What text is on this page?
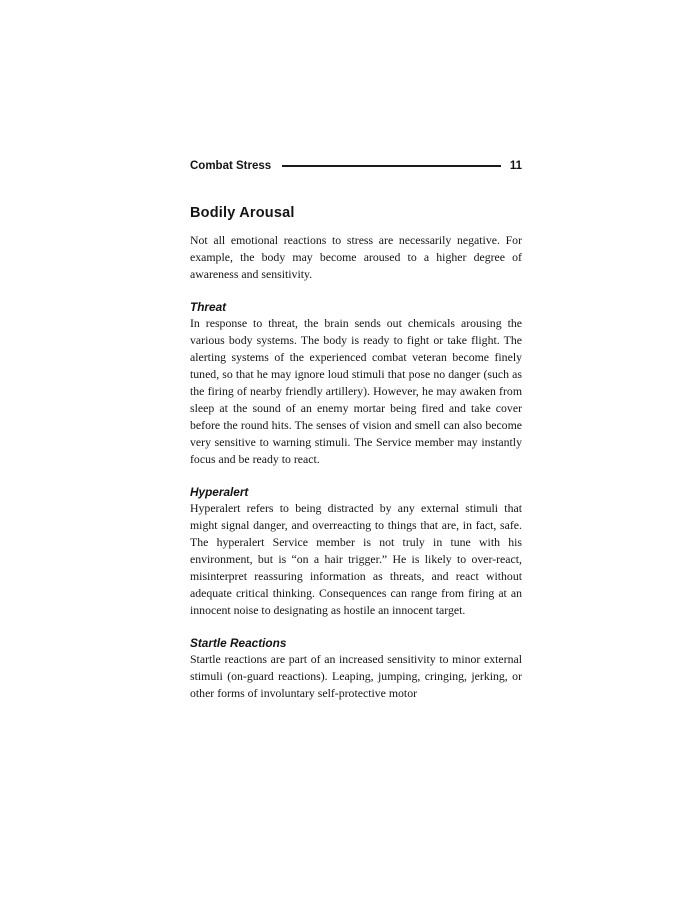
Combat Stress	11
Bodily Arousal

Not all emotional reactions to stress are necessarily negative. For example, the body may become aroused to a higher degree of awareness and sensitivity.

Threat

In response to threat, the brain sends out chemicals arousing the various body systems. The body is ready to fight or take flight. The alerting systems of the experienced combat veteran become finely tuned, so that he may ignore loud stimuli that pose no danger (such as the firing of nearby friendly artillery). However, he may awaken from sleep at the sound of an enemy mortar being fired and take cover before the round hits. The senses of vision and smell can also become very sensitive to warning stimuli. The Service member may instantly focus and be ready to react.

Hyperalert

Hyperalert refers to being distracted by any external stimuli that might signal danger, and overreacting to things that are, in fact, safe. The hyperalert Service member is not truly in tune with his environment, but is “on a hair trigger.” He is likely to over-react, misinterpret reassuring information as threats, and react without adequate critical thinking. Consequences can range from firing at an innocent noise to designating as hostile an innocent target.

Startle Reactions

Startle reactions are part of an increased sensitivity to minor external stimuli (on-guard reactions). Leaping, jumping, cringing, jerking, or other forms of involuntary self-protective motor
